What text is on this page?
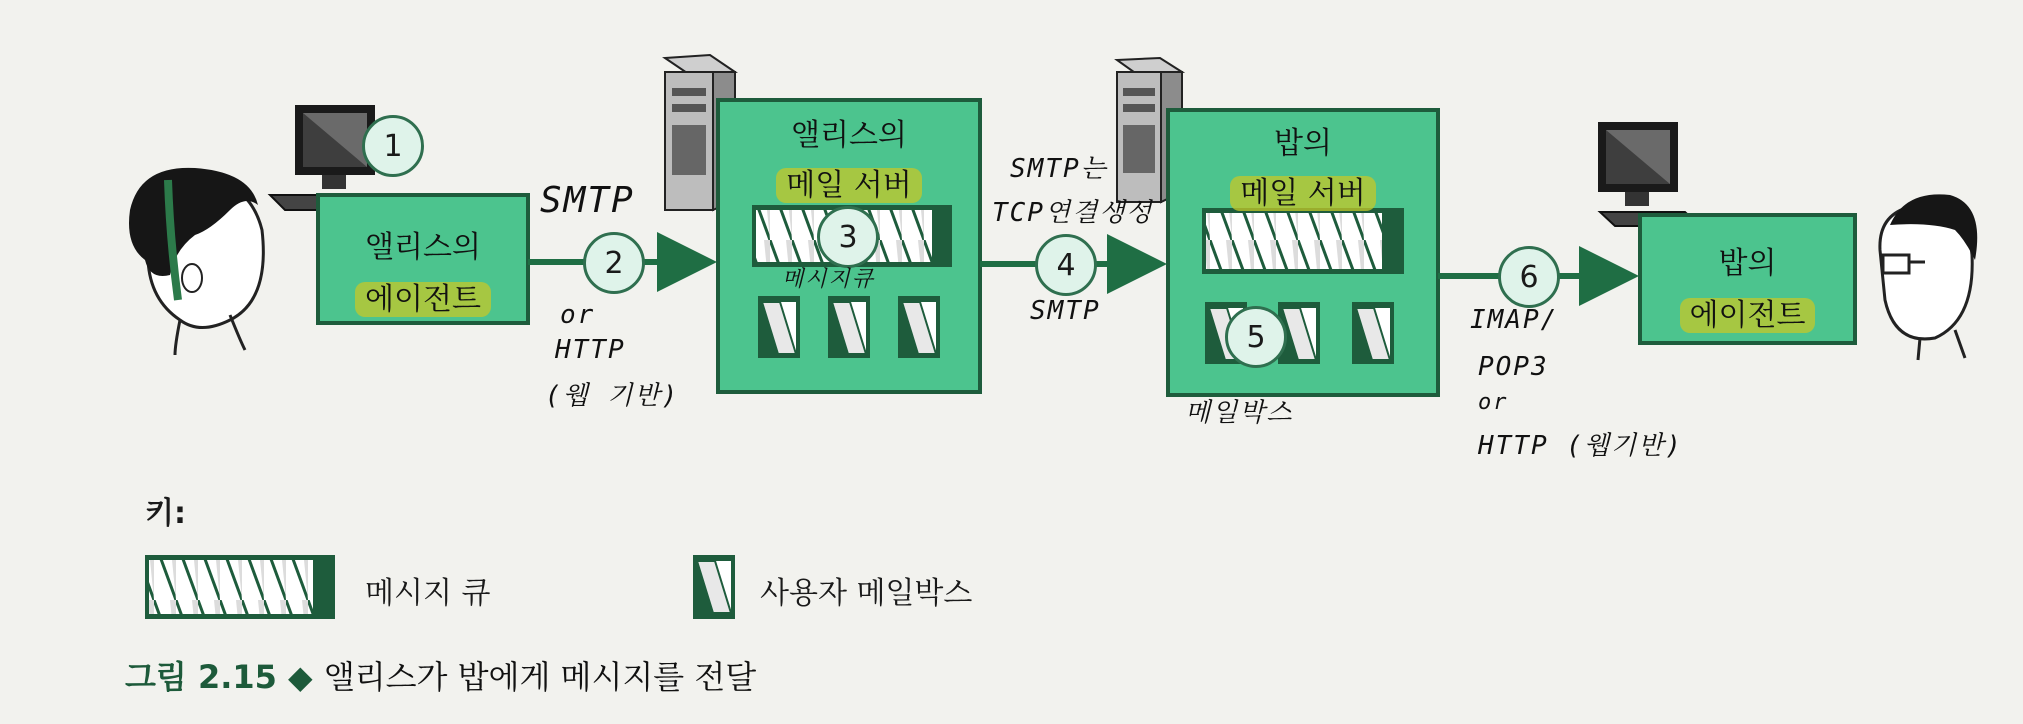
앨리스의
에이전트
앨리스의
메일 서버
밥의
메일 서버
밥의
에이전트
1
2
3
4
5
6
SMTP
or
HTTP
(웹 기반)
메시지큐
SMTP는
TCP연결생성
SMTP
메일박스
IMAP/
POP3
or
HTTP (웹기반)
키:
메시지 큐	사용자 메일박스
그림 2.15 ◆ 앨리스가 밥에게 메시지를 전달
